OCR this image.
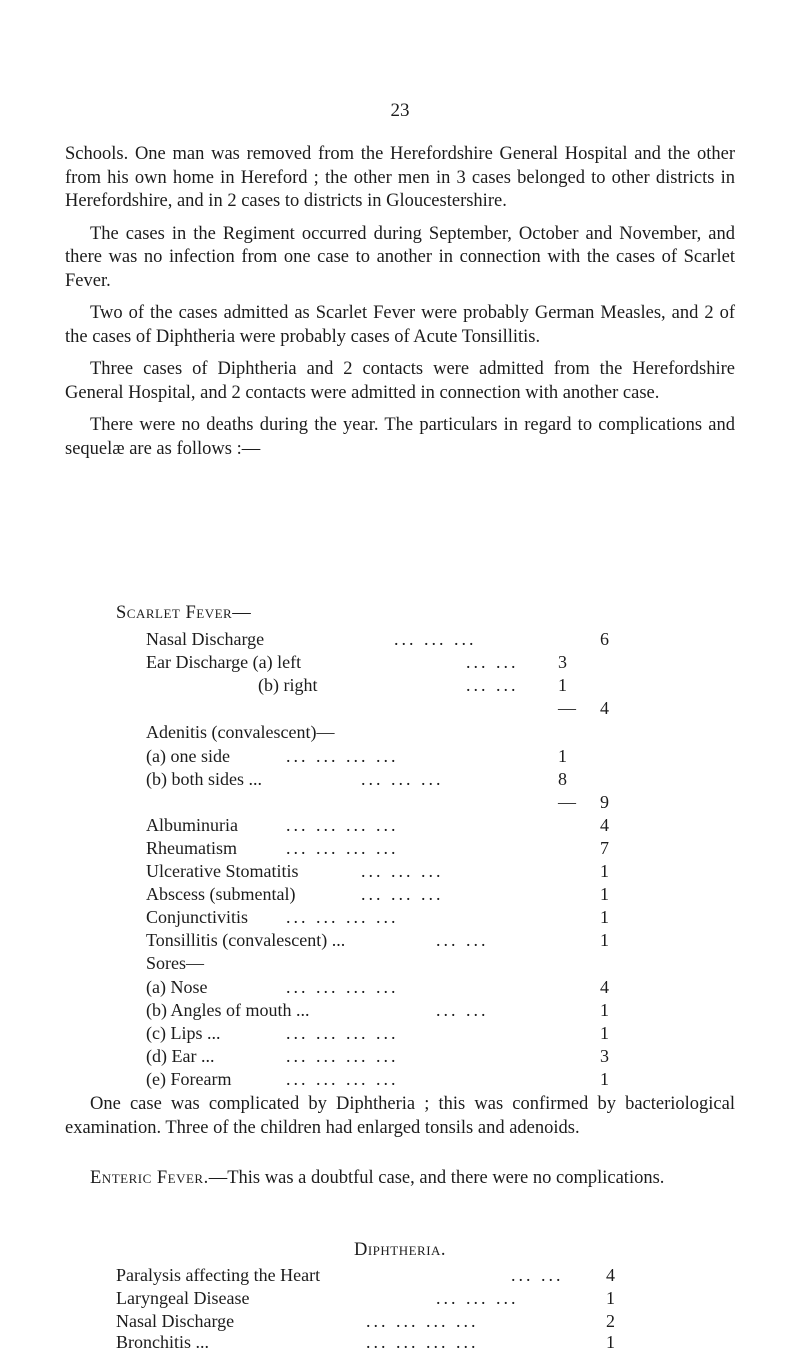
23

Schools. One man was removed from the Herefordshire General Hospital and the other from his own home in Hereford ; the other men in 3 cases belonged to other districts in Herefordshire, and in 2 cases to districts in Gloucestershire.

The cases in the Regiment occurred during September, October and November, and there was no infection from one case to another in connection with the cases of Scarlet Fever.

Two of the cases admitted as Scarlet Fever were probably German Measles, and 2 of the cases of Diphtheria were probably cases of Acute Tonsillitis.

Three cases of Diphtheria and 2 contacts were admitted from the Herefordshire General Hospital, and 2 contacts were admitted in connection with another case.

There were no deaths during the year. The particulars in regard to complications and sequelæ are as follows :—

Scarlet Fever—
Nasal Discharge	... ... ...	6
Ear Discharge (a) left	... ... 3
(b) right	... ... 1
— 4
Adenitis (convalescent)—
(a) one side	... ... ... ...	1
(b) both sides ...	... ... ...	8
— 9
Albuminuria	... ... ... ...	4
Rheumatism	... ... ... ...	7
Ulcerative Stomatitis	... ... ...	1
Abscess (submental)	... ... ...	1
Conjunctivitis ... ... ... ...	1
Tonsillitis (convalescent) ...	... ...	1
Sores—
(a) Nose	... ... ... ...	4
(b) Angles of mouth ...	... ...	1
(c) Lips ...	... ... ... ...	1
(d) Ear ...	... ... ... ...	3
(e) Forearm	... ... ... ...	1

One case was complicated by Diphtheria ; this was confirmed by bacteriological examination. Three of the children had enlarged tonsils and adenoids.

Enteric Fever.—This was a doubtful case, and there were no complications.

Diphtheria.
Paralysis affecting the Heart	... ... 4
Laryngeal Disease	... ... ...	1
Nasal Discharge	... ... ... ...	2
Bronchitis ...	... ... ... ...	1
